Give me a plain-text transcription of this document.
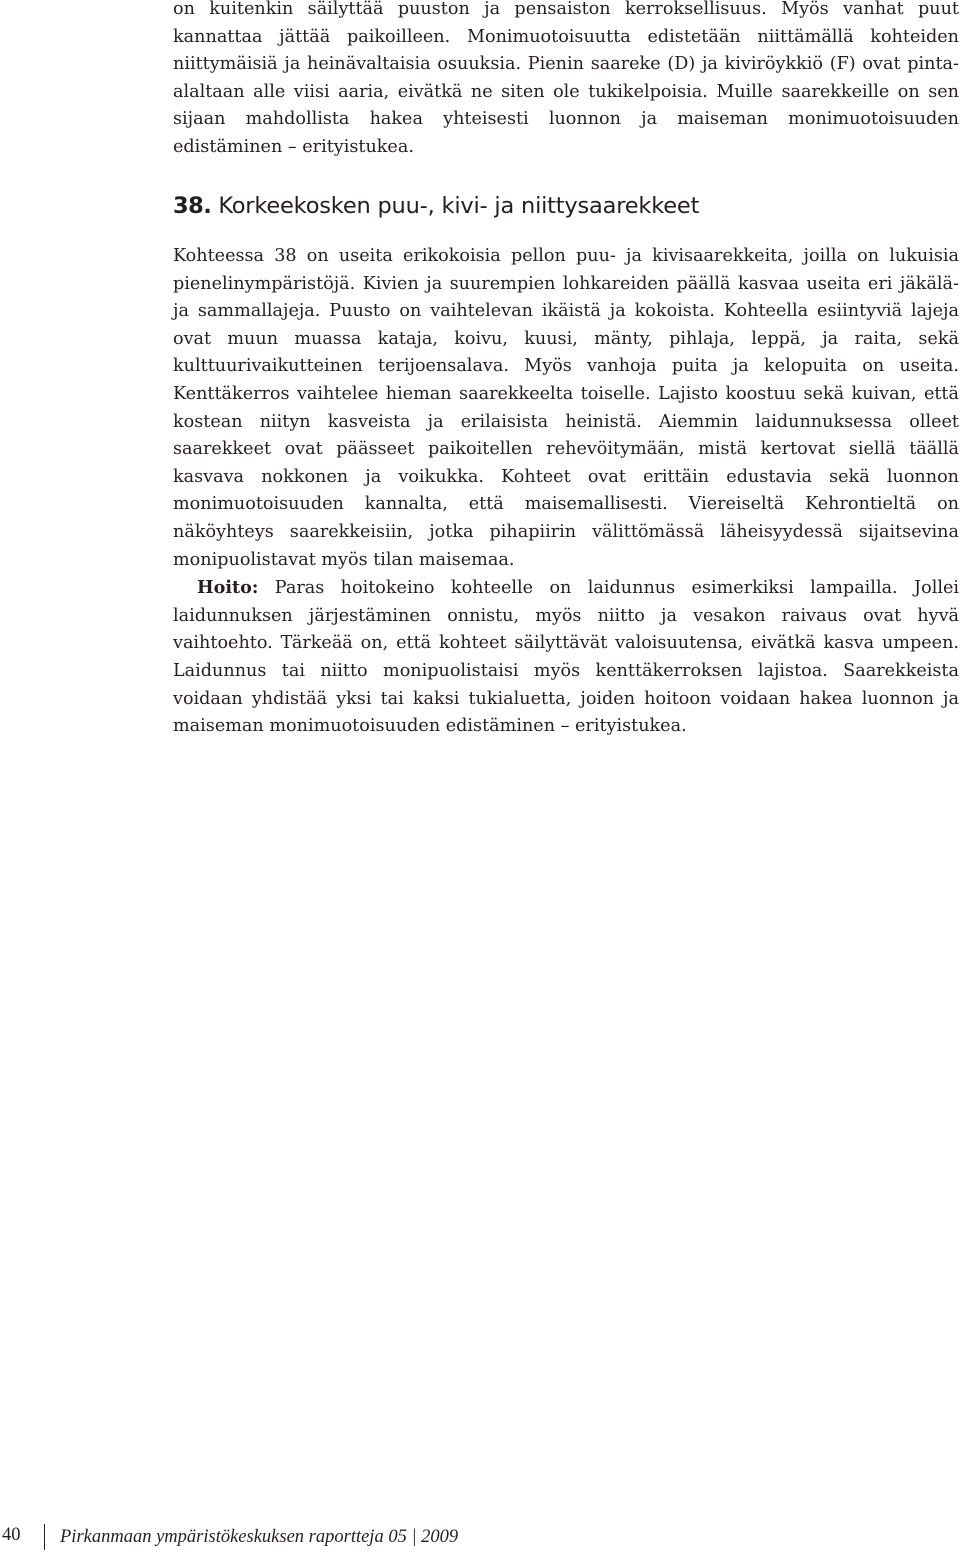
on kuitenkin säilyttää puuston ja pensaiston kerroksellisuus. Myös vanhat puut kannattaa jättää paikoilleen. Monimuotoisuutta edistetään niittämällä kohteiden niittymäisiä ja heinävaltaisia osuuksia. Pienin saareke (D) ja kiviröykkiö (F) ovat pinta-alaltaan alle viisi aaria, eivätkä ne siten ole tukikelpoisia. Muille saarekkeille on sen sijaan mahdollista hakea yhteisesti luonnon ja maiseman monimuotoisuuden edistäminen – erityistukea.

38. Korkeekosken puu-, kivi- ja niittysaarekkeet

Kohteessa 38 on useita erikokoisia pellon puu- ja kivisaarekkeita, joilla on lukuisia pienelinympäristöjä. Kivien ja suurempien lohkareiden päällä kasvaa useita eri jäkälä- ja sammallajeja. Puusto on vaihtelevan ikäistä ja kokoista. Kohteella esiintyviä lajeja ovat muun muassa kataja, koivu, kuusi, mänty, pihlaja, leppä, ja raita, sekä kulttuurivaikutteinen terijoensalava. Myös vanhoja puita ja kelopuita on useita. Kenttäkerros vaihtelee hieman saarekkeelta toiselle. Lajisto koostuu sekä kuivan, että kostean niityn kasveista ja erilaisista heinistä. Aiemmin laidunnuksessa olleet saarekkeet ovat päässeet paikoitellen rehevöitymään, mistä kertovat siellä täällä kasvava nokkonen ja voikukka. Kohteet ovat erittäin edustavia sekä luonnon monimuotoisuuden kannalta, että maisemallisesti. Viereiseltä Kehrontieltä on näköyhteys saarekkeisiin, jotka pihapiirin välittömässä läheisyydessä sijaitsevina monipuolistavat myös tilan maisemaa.

Hoito: Paras hoitokeino kohteelle on laidunnus esimerkiksi lampailla. Jollei laidunnuksen järjestäminen onnistu, myös niitto ja vesakon raivaus ovat hyvä vaihtoehto. Tärkeää on, että kohteet säilyttävät valoisuutensa, eivätkä kasva umpeen. Laidunnus tai niitto monipuolistaisi myös kenttäkerroksen lajistoa. Saarekkeista voidaan yhdistää yksi tai kaksi tukialuetta, joiden hoitoon voidaan hakea luonnon ja maiseman monimuotoisuuden edistäminen – erityistukea.

40 Pirkanmaan ympäristökeskuksen raportteja 05 | 2009
